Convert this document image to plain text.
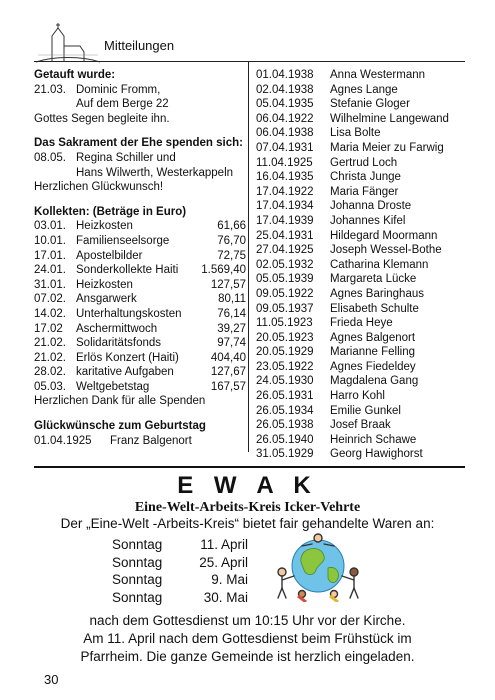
Mitteilungen
Getauft wurde:
21.03. Dominic Fromm,
Auf dem Berge 22
Gottes Segen begleite ihn.
Das Sakrament der Ehe spenden sich:
08.05. Regina Schiller und
Hans Wilwerth, Westerkappeln
Herzlichen Glückwunsch!
Kollekten: (Beträge in Euro)
03.01. Heizkosten	61,66
10.01. Familienseelsorge	76,70
17.01. Apostelbilder	72,75
24.01. Sonderkollekte Haiti	1.569,40
31.01. Heizkosten	127,57
07.02. Ansgarwerk	80,11
14.02. Unterhaltungskosten	76,14
17.02	Aschermittwoch	39,27
21.02. Solidaritätsfonds	97,74
21.02. Erlös Konzert (Haiti)	404,40
28.02. karitative Aufgaben	127,67
05.03. Weltgebetstag	167,57
Herzlichen Dank für alle Spenden
Glückwünsche zum Geburtstag
01.04.1925	Franz Balgenort
01.04.1938	Anna Westermann
02.04.1938	Agnes Lange
05.04.1935	Stefanie Gloger
06.04.1922	Wilhelmine Langewand
06.04.1938	Lisa Bolte
07.04.1931	Maria Meier zu Farwig
11.04.1925	Gertrud Loch
16.04.1935	Christa Junge
17.04.1922	Maria Fänger
17.04.1934	Johanna Droste
17.04.1939	Johannes Kifel
25.04.1931	Hildegard Moormann
27.04.1925	Joseph Wessel-Bothe
02.05.1932	Catharina Klemann
05.05.1939	Margareta Lücke
09.05.1922	Agnes Baringhaus
09.05.1937	Elisabeth Schulte
11.05.1923	Frieda Heye
20.05.1923	Agnes Balgenort
20.05.1929	Marianne Felling
23.05.1922	Agnes Fiedeldey
24.05.1930	Magdalena Gang
26.05.1931	Harro Kohl
26.05.1934	Emilie Gunkel
26.05.1938	Josef Braak
26.05.1940	Heinrich Schawe
31.05.1929	Georg Hawighorst
E W A K
Eine-Welt-Arbeits-Kreis Icker-Vehrte
Der „Eine-Welt -Arbeits-Kreis“ bietet fair gehandelte Waren an:
Sonntag	11. April
Sonntag	25. April
Sonntag	9. Mai
Sonntag	30. Mai
nach dem Gottesdienst um 10:15 Uhr vor der Kirche.
Am 11. April nach dem Gottesdienst beim Frühstück im
Pfarrheim. Die ganze Gemeinde ist herzlich eingeladen.
30
